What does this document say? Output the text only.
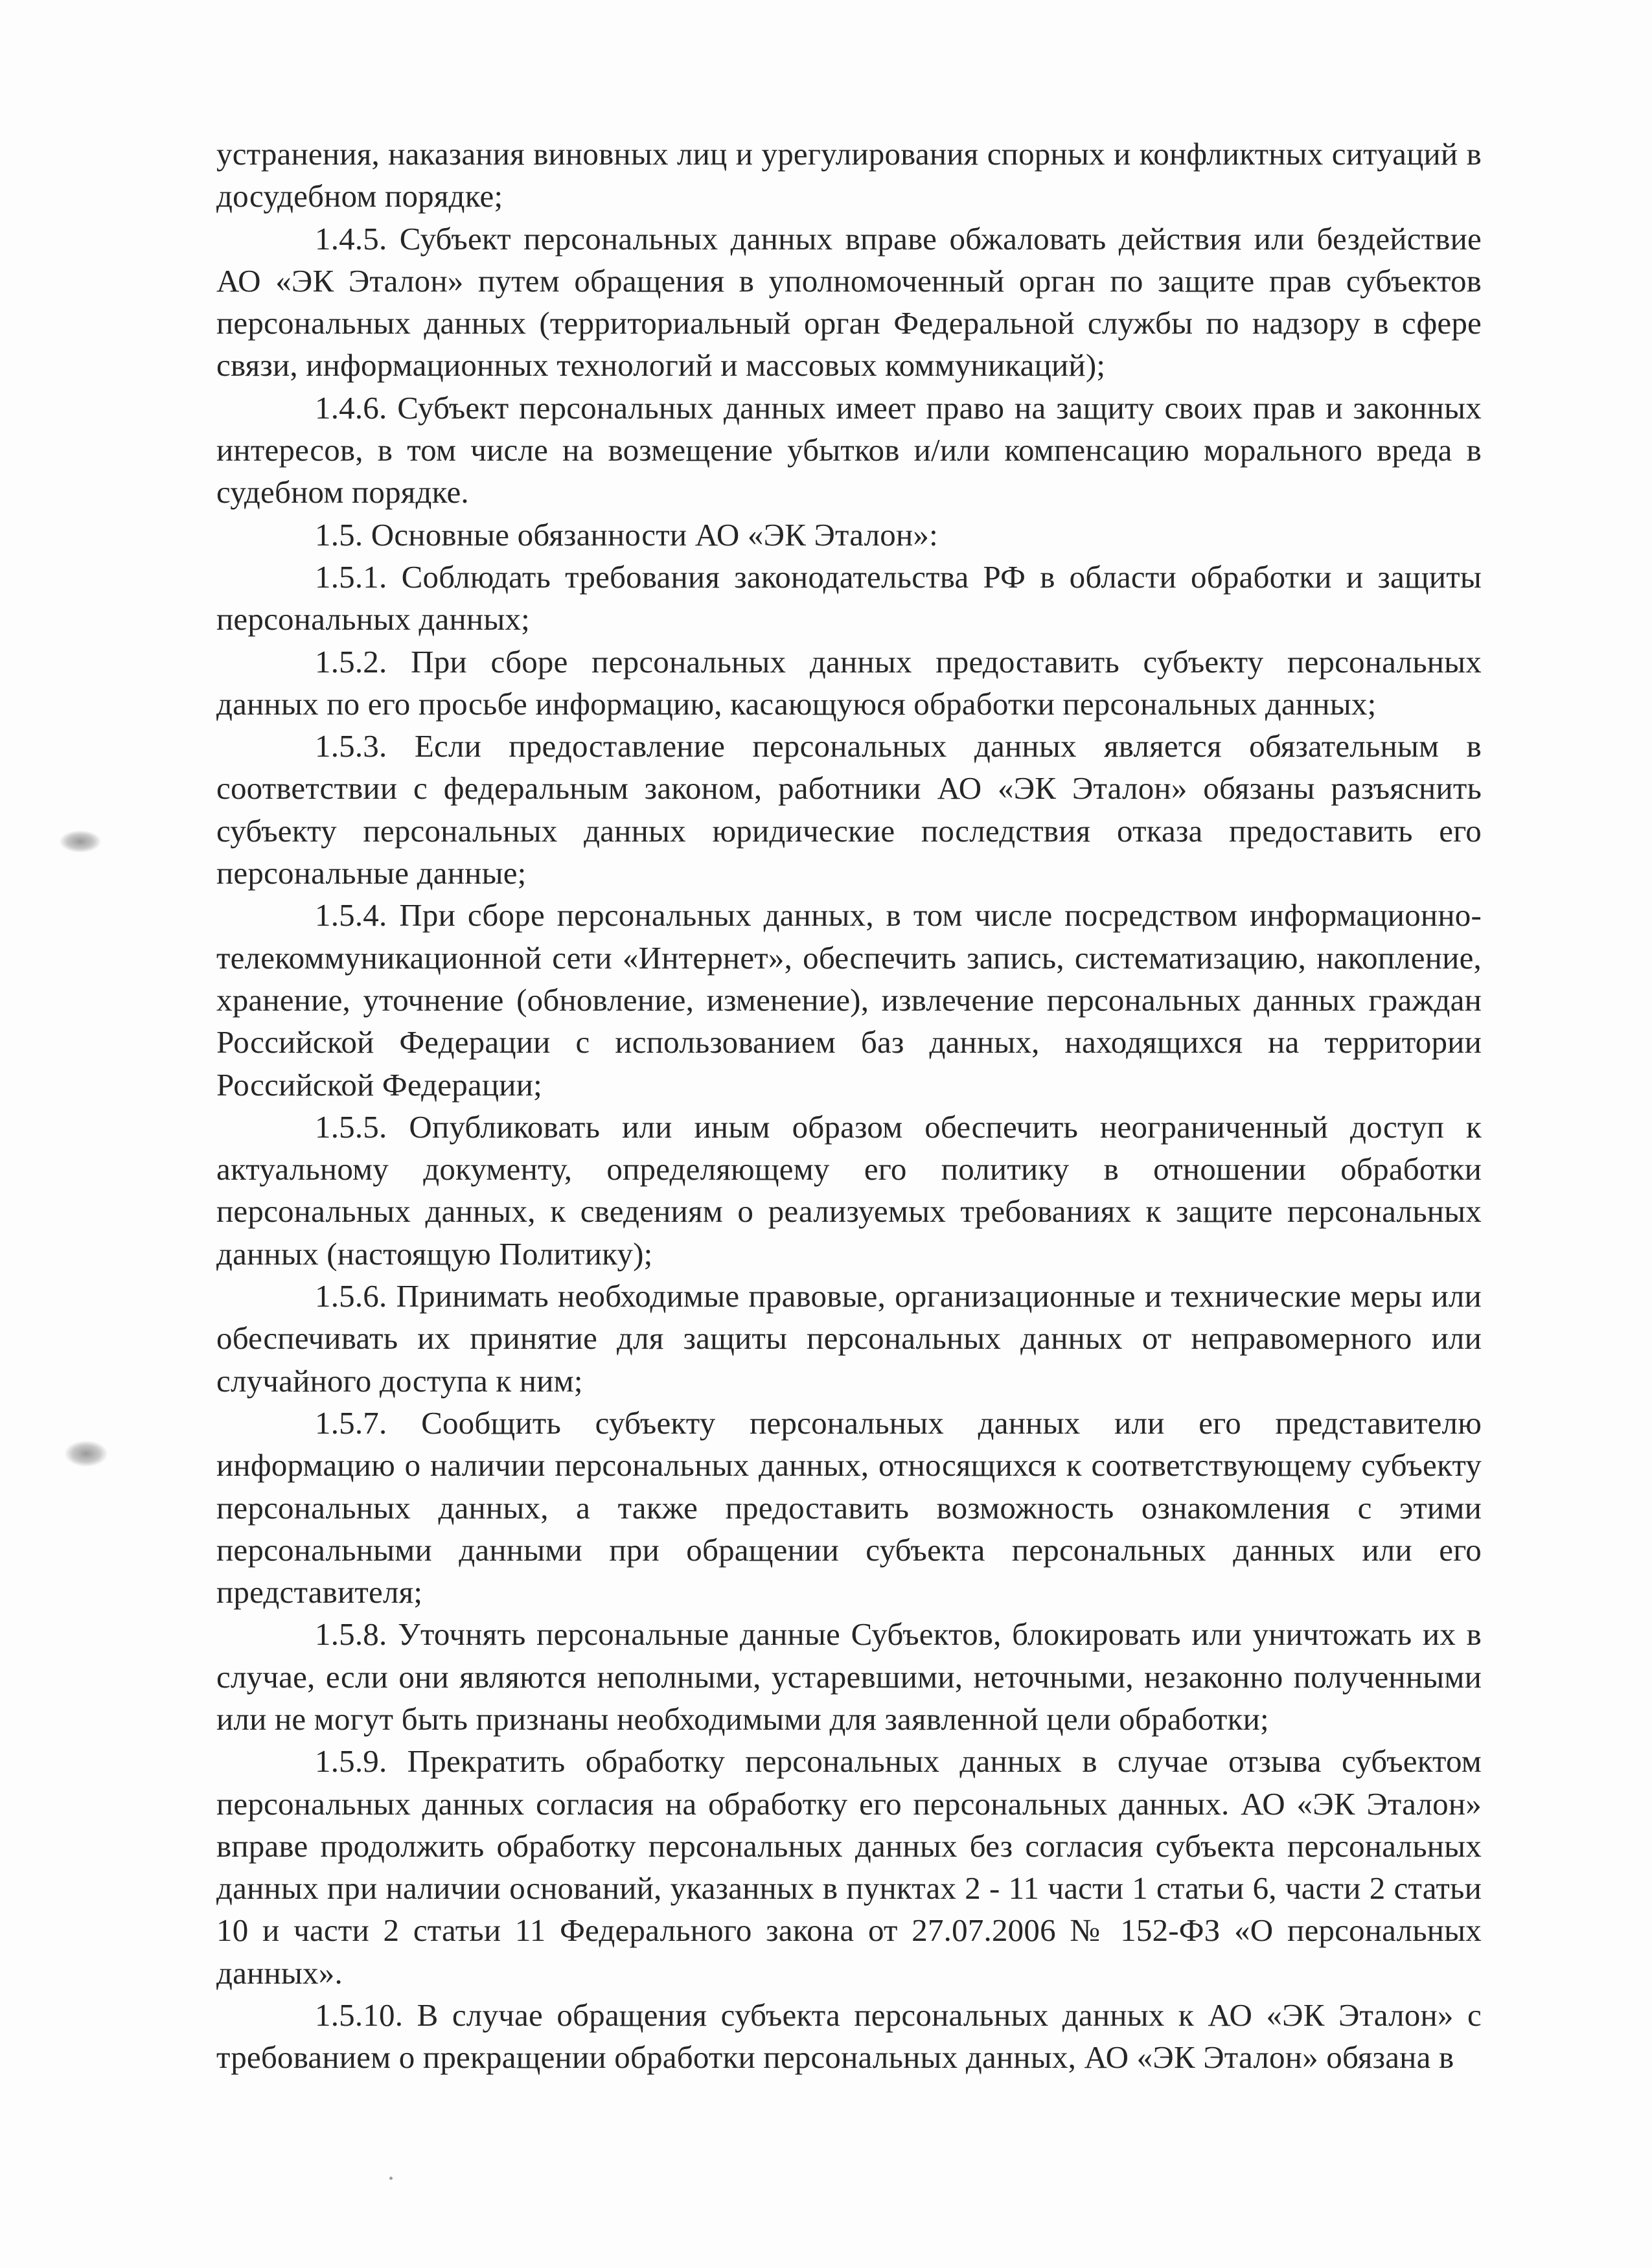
устранения, наказания виновных лиц и урегулирования спорных и конфликтных ситуаций в досудебном порядке;

1.4.5. Субъект персональных данных вправе обжаловать действия или бездействие АО «ЭК Эталон» путем обращения в уполномоченный орган по защите прав субъектов персональных данных (территориальный орган Федеральной службы по надзору в сфере связи, информационных технологий и массовых коммуникаций);

1.4.6. Субъект персональных данных имеет право на защиту своих прав и законных интересов, в том числе на возмещение убытков и/или компенсацию морального вреда в судебном порядке.

1.5. Основные обязанности АО «ЭК Эталон»:

1.5.1. Соблюдать требования законодательства РФ в области обработки и защиты персональных данных;

1.5.2. При сборе персональных данных предоставить субъекту персональных данных по его просьбе информацию, касающуюся обработки персональных данных;

1.5.3. Если предоставление персональных данных является обязательным в соответствии с федеральным законом, работники АО «ЭК Эталон» обязаны разъяснить субъекту персональных данных юридические последствия отказа предоставить его персональные данные;

1.5.4. При сборе персональных данных, в том числе посредством информационно-телекоммуникационной сети «Интернет», обеспечить запись, систематизацию, накопление, хранение, уточнение (обновление, изменение), извлечение персональных данных граждан Российской Федерации с использованием баз данных, находящихся на территории Российской Федерации;

1.5.5. Опубликовать или иным образом обеспечить неограниченный доступ к актуальному документу, определяющему его политику в отношении обработки персональных данных, к сведениям о реализуемых требованиях к защите персональных данных (настоящую Политику);

1.5.6. Принимать необходимые правовые, организационные и технические меры или обеспечивать их принятие для защиты персональных данных от неправомерного или случайного доступа к ним;

1.5.7. Сообщить субъекту персональных данных или его представителю информацию о наличии персональных данных, относящихся к соответствующему субъекту персональных данных, а также предоставить возможность ознакомления с этими персональными данными при обращении субъекта персональных данных или его представителя;

1.5.8. Уточнять персональные данные Субъектов, блокировать или уничтожать их в случае, если они являются неполными, устаревшими, неточными, незаконно полученными или не могут быть признаны необходимыми для заявленной цели обработки;

1.5.9. Прекратить обработку персональных данных в случае отзыва субъектом персональных данных согласия на обработку его персональных данных. АО «ЭК Эталон» вправе продолжить обработку персональных данных без согласия субъекта персональных данных при наличии оснований, указанных в пунктах 2 - 11 части 1 статьи 6, части 2 статьи 10 и части 2 статьи 11 Федерального закона от 27.07.2006 № 152-ФЗ «О персональных данных».

1.5.10. В случае обращения субъекта персональных данных к АО «ЭК Эталон» с требованием о прекращении обработки персональных данных, АО «ЭК Эталон» обязана в
